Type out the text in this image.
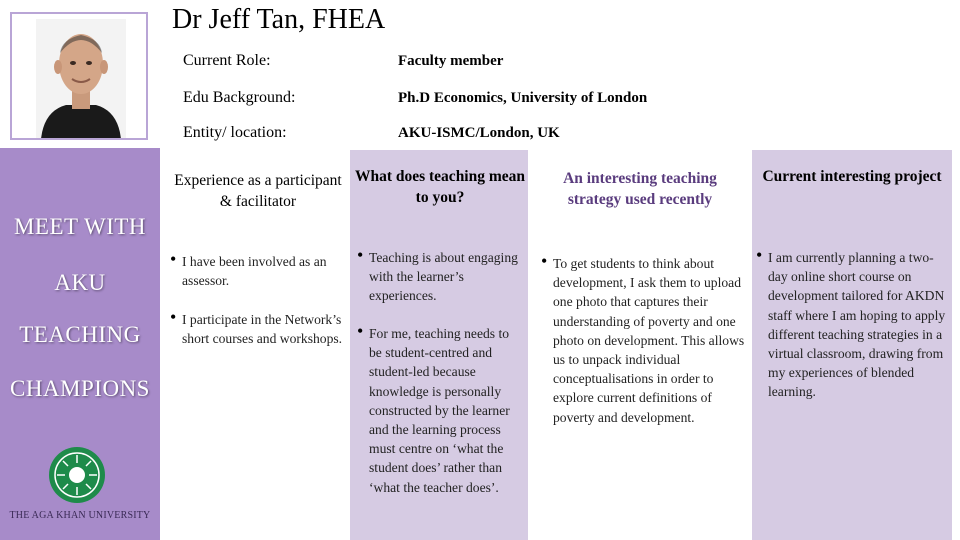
MEET WITH
AKU
TEACHING
CHAMPIONS
THE AGA KHAN UNIVERSITY
Dr Jeff Tan, FHEA
Current Role:	Faculty member
Edu Background:	Ph.D Economics, University of London
Entity/ location:	AKU-ISMC/London, UK
Experience as a participant & facilitator
• I have been involved as an assessor.
• I participate in the Network’s short courses and workshops.
What does teaching mean to you?
• Teaching is about engaging with the learner’s experiences.
• For me, teaching needs to be student-centred and student-led because knowledge is personally constructed by the learner and the learning process must centre on ‘what the student does’ rather than ‘what the teacher does’.
An interesting teaching strategy used recently
• To get students to think about development, I ask them to upload one photo that captures their understanding of poverty and one photo on development. This allows us to unpack individual conceptualisations in order to explore current definitions of poverty and development.
Current interesting project
• I am currently planning a two-day online short course on development tailored for AKDN staff where I am hoping to apply different teaching strategies in a virtual classroom, drawing from my experiences of blended learning.
